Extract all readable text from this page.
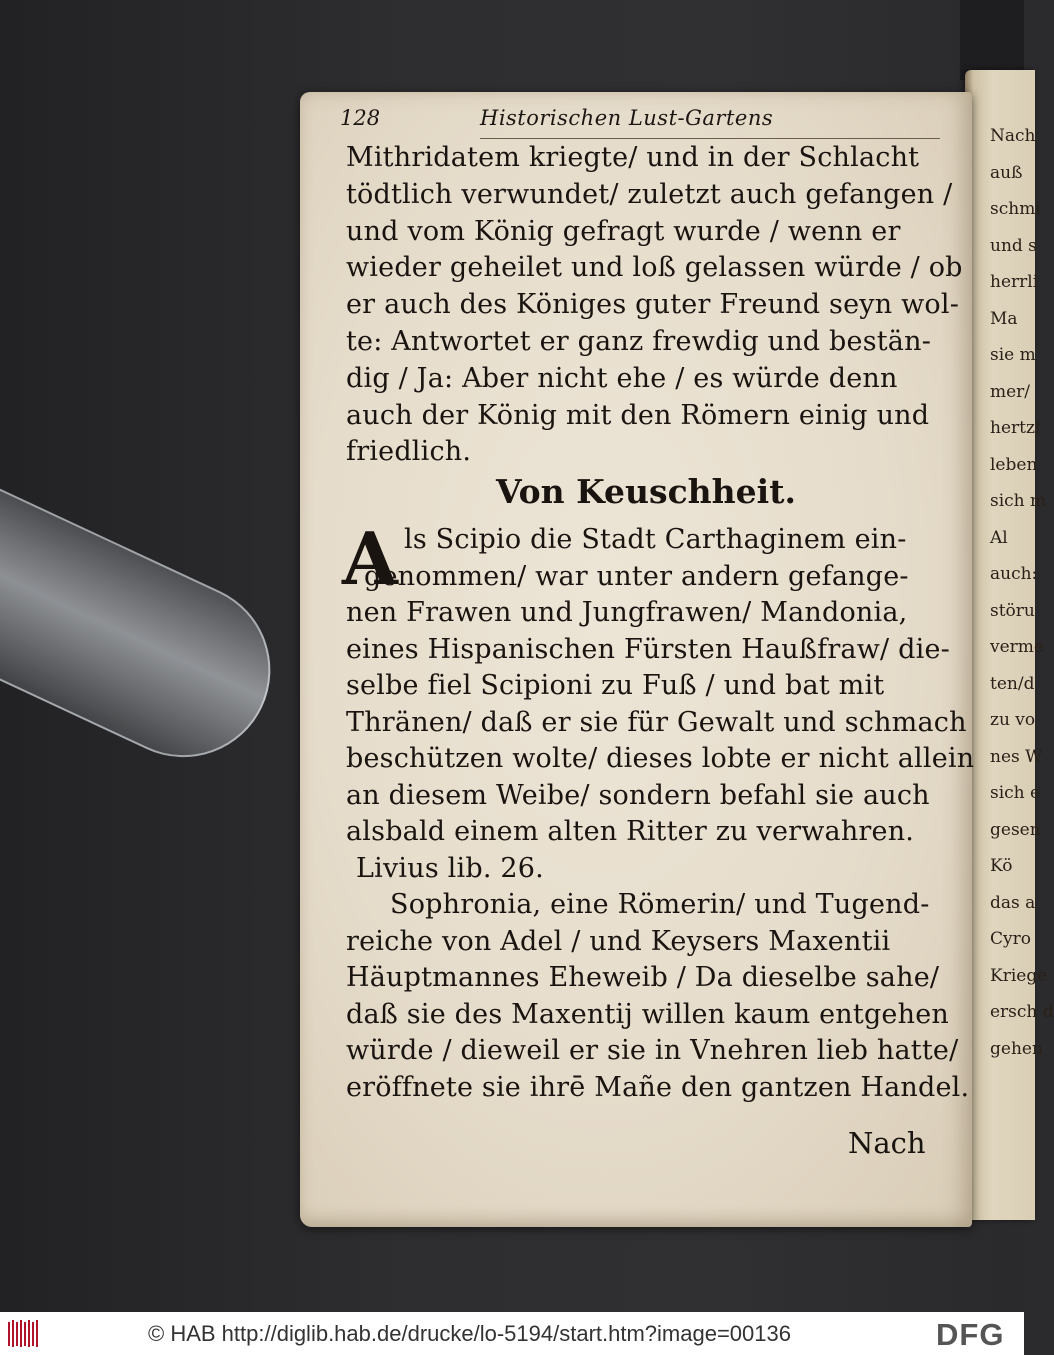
128	Historischen Lust-Gartens
Mithridatem kriegte/ und in der Schlacht
tödtlich verwundet/ zuletzt auch gefangen /
und vom König gefragt wurde / wenn er
wieder geheilet und loß gelassen würde / ob
er auch des Königes guter Freund seyn wol-
te: Antwortet er ganz frewdig und bestän-
dig / Ja: Aber nicht ehe / es würde denn
auch der König mit den Römern einig und
friedlich.
Von Keuschheit.
A ls Scipio die Stadt Carthaginem ein-
genommen/ war unter andern gefange-
nen Frawen und Jungfrawen/ Mandonia,
eines Hispanischen Fürsten Haußfraw/ die-
selbe fiel Scipioni zu Fuß / und bat mit
Thränen/ daß er sie für Gewalt und schmach
beschützen wolte/ dieses lobte er nicht allein
an diesem Weibe/ sondern befahl sie auch
alsbald einem alten Ritter zu verwahren.
Livius lib. 26.
Sophronia, eine Römerin/ und Tugend-
reiche von Adel / und Keysers Maxentii
Häuptmannes Eheweib / Da dieselbe sahe/
daß sie des Maxentij willen kaum entgehen
würde / dieweil er sie in Vnehren lieb hatte/
eröffnete sie ihrē Mañe den gantzen Handel.
Nach
Nach
auß
schmi
und s
herrli
Ma
sie m
mer/
hertzl
leben
sich m
Al
auch:
störu
verme
ten/d
zu vo
nes W
sich e
gesen
Kö
das a
Cyro
Kriege
ersch d
gehen
© HAB http://diglib.hab.de/drucke/lo-5194/start.htm?image=00136	DFG
